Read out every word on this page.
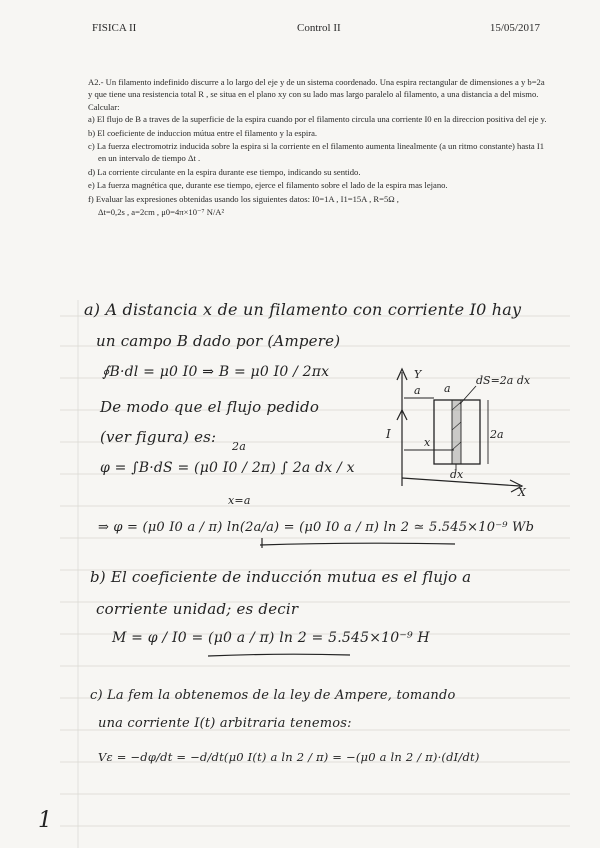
FISICA II	Control II	15/05/2017

A2.- Un filamento indefinido discurre a lo largo del eje y de un sistema coordenado. Una espira rectangular de dimensiones a y b=2a y que tiene una resistencia total R , se situa en el plano xy con su lado mas largo paralelo al filamento, a una distancia a del mismo. Calcular:

a) El flujo de B a traves de la superficie de la espira cuando por el filamento circula una corriente I0 en la direccion positiva del eje y.

b) El coeficiente de induccion mútua entre el filamento y la espira.

c) La fuerza electromotriz inducida sobre la espira si la corriente en el filamento aumenta linealmente (a un ritmo constante) hasta I1 en un intervalo de tiempo Δt .

d) La corriente circulante en la espira durante ese tiempo, indicando su sentido.

e) La fuerza magnética que, durante ese tiempo, ejerce el filamento sobre el lado de la espira mas lejano.

f) Evaluar las expresiones obtenidas usando los siguientes datos: I0=1A , I1=15A , R=5Ω ,

Δt=0,2s , a=2cm , μ0=4π×10⁻⁷ N/A²

a) A distancia x de un filamento con corriente I0 hay
un campo B dado por (Ampere)
∮B·dl = μ0 I0 ⇒ B = μ0 I0 / 2πx
De modo que el flujo pedido
(ver figura) es:
2a
φ = ∫B·dS = (μ0 I0 / 2π) ∫ 2a dx / x
x=a
⇒ φ = (μ0 I0 a / π) ln(2a/a) = (μ0 I0 a / π) ln 2 ≃ 5.545×10⁻⁹ Wb
b) El coeficiente de inducción mutua es el flujo a
corriente unidad; es decir
M = φ / I0 = (μ0 a / π) ln 2 = 5.545×10⁻⁹ H
c) La fem la obtenemos de la ley de Ampere, tomando
una corriente I(t) arbitraria tenemos:
Vε = −dφ/dt = −d/dt(μ0 I(t) a ln 2 / π) = −(μ0 a ln 2 / π)·(dI/dt)
1
Y
X
I
a a
dS=2a dx
2a
x
dx
